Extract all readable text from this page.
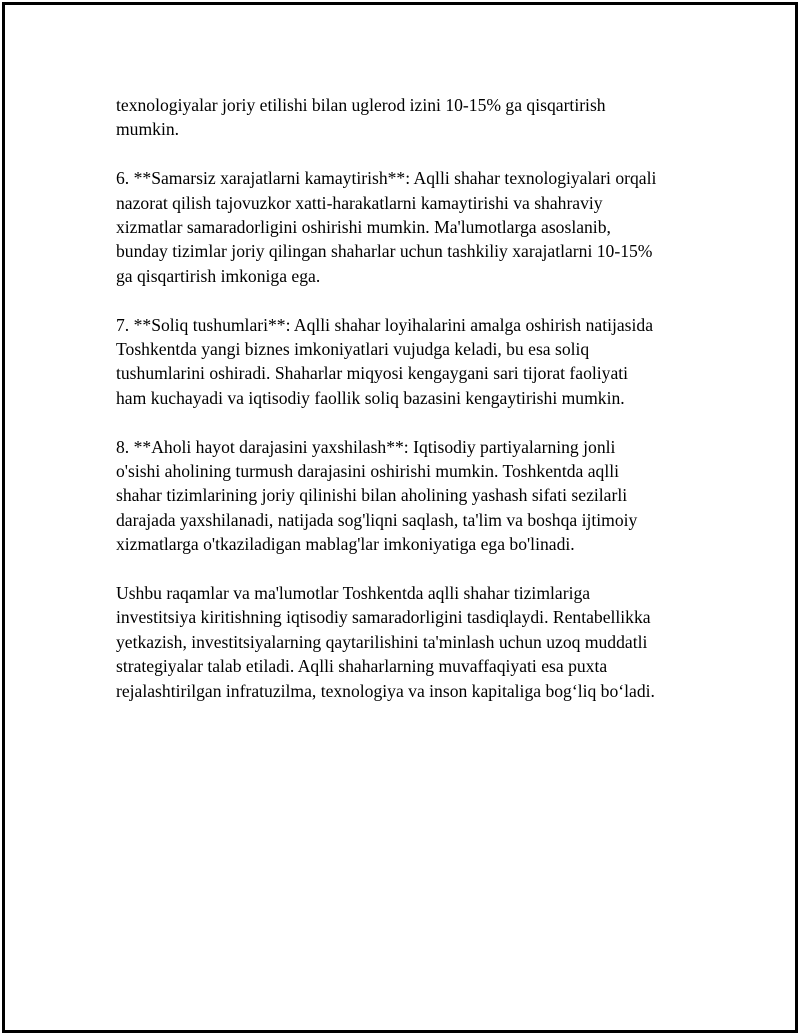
texnologiyalar joriy etilishi bilan uglerod izini 10-15% ga qisqartirish
mumkin.

6. **Samarsiz xarajatlarni kamaytirish**: Aqlli shahar texnologiyalari orqali
nazorat qilish tajovuzkor xatti-harakatlarni kamaytirishi va shahraviy
xizmatlar samaradorligini oshirishi mumkin. Ma'lumotlarga asoslanib,
bunday tizimlar joriy qilingan shaharlar uchun tashkiliy xarajatlarni 10-15%
ga qisqartirish imkoniga ega.

7. **Soliq tushumlari**: Aqlli shahar loyihalarini amalga oshirish natijasida
Toshkentda yangi biznes imkoniyatlari vujudga keladi, bu esa soliq
tushumlarini oshiradi. Shaharlar miqyosi kengaygani sari tijorat faoliyati
ham kuchayadi va iqtisodiy faollik soliq bazasini kengaytirishi mumkin.

8. **Aholi hayot darajasini yaxshilash**: Iqtisodiy partiyalarning jonli
o'sishi aholining turmush darajasini oshirishi mumkin. Toshkentda aqlli
shahar tizimlarining joriy qilinishi bilan aholining yashash sifati sezilarli
darajada yaxshilanadi, natijada sog'liqni saqlash, ta'lim va boshqa ijtimoiy
xizmatlarga o'tkaziladigan mablag'lar imkoniyatiga ega bo'linadi.

Ushbu raqamlar va ma'lumotlar Toshkentda aqlli shahar tizimlariga
investitsiya kiritishning iqtisodiy samaradorligini tasdiqlaydi. Rentabellikka
yetkazish, investitsiyalarning qaytarilishini ta'minlash uchun uzoq muddatli
strategiyalar talab etiladi. Aqlli shaharlarning muvaffaqiyati esa puxta
rejalashtirilgan infratuzilma, texnologiya va inson kapitaliga bog‘liq bo‘ladi.
